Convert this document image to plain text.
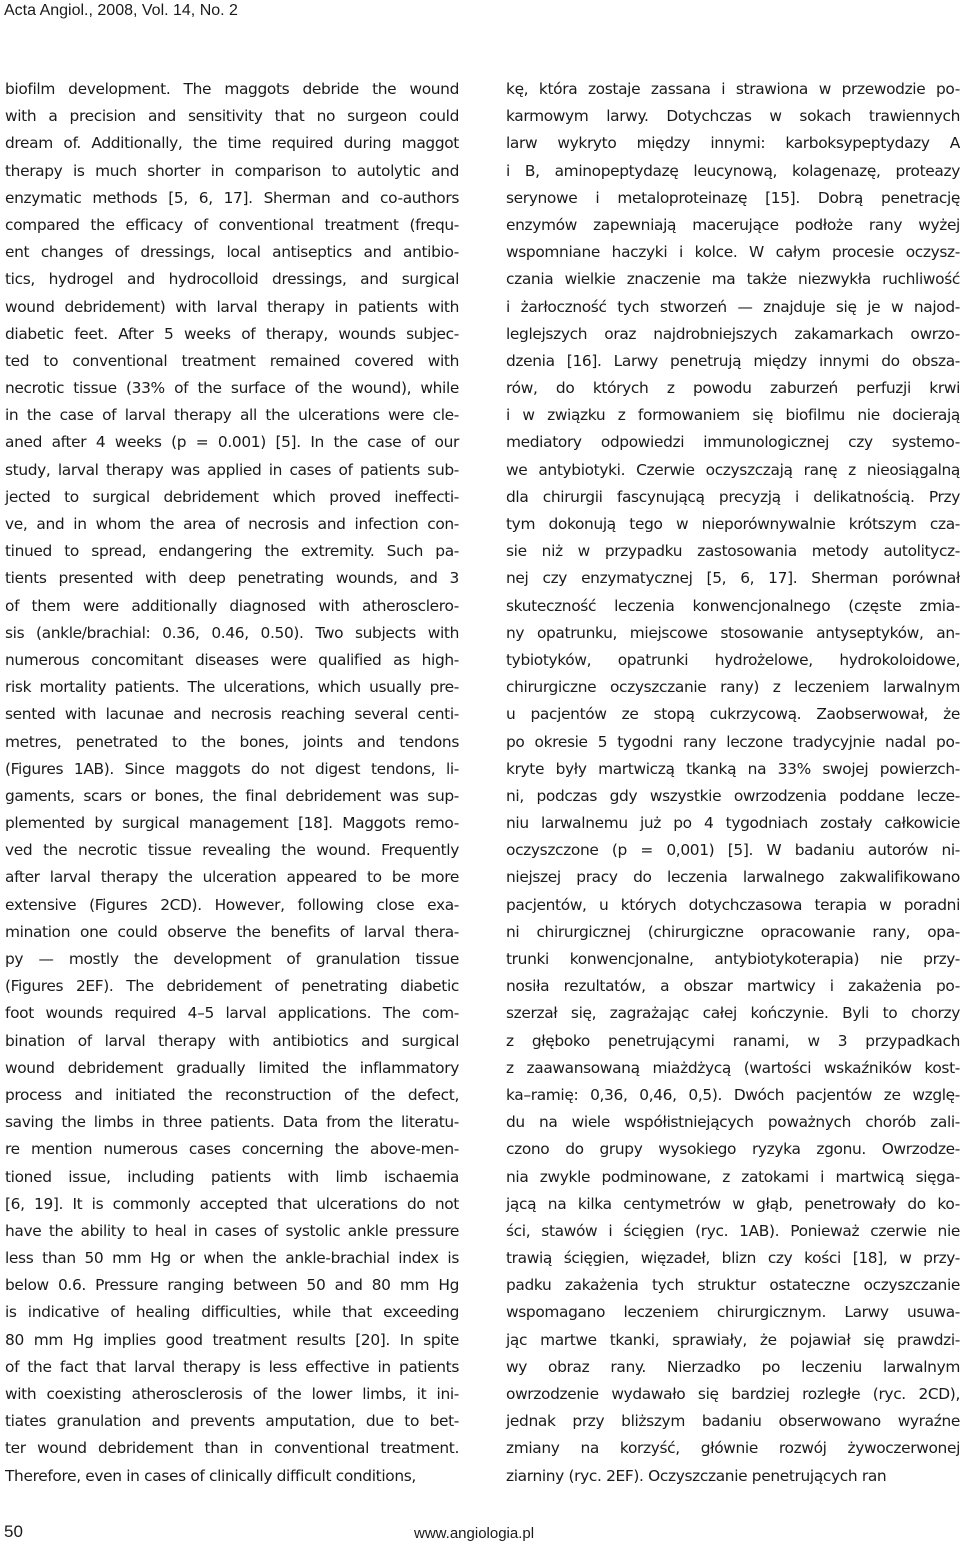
Acta Angiol., 2008, Vol. 14, No. 2
biofilm development. The maggots debride the wound
with a precision and sensitivity that no surgeon could
dream of. Additionally, the time required during maggot
therapy is much shorter in comparison to autolytic and
enzymatic methods [5, 6, 17]. Sherman and co-authors
compared the efficacy of conventional treatment (frequ-
ent changes of dressings, local antiseptics and antibio-
tics, hydrogel and hydrocolloid dressings, and surgical
wound debridement) with larval therapy in patients with
diabetic feet. After 5 weeks of therapy, wounds subjec-
ted to conventional treatment remained covered with
necrotic tissue (33% of the surface of the wound), while
in the case of larval therapy all the ulcerations were cle-
aned after 4 weeks (p = 0.001) [5]. In the case of our
study, larval therapy was applied in cases of patients sub-
jected to surgical debridement which proved ineffecti-
ve, and in whom the area of necrosis and infection con-
tinued to spread, endangering the extremity. Such pa-
tients presented with deep penetrating wounds, and 3
of them were additionally diagnosed with atherosclero-
sis (ankle/brachial: 0.36, 0.46, 0.50). Two subjects with
numerous concomitant diseases were qualified as high-
risk mortality patients. The ulcerations, which usually pre-
sented with lacunae and necrosis reaching several centi-
metres, penetrated to the bones, joints and tendons
(Figures 1AB). Since maggots do not digest tendons, li-
gaments, scars or bones, the final debridement was sup-
plemented by surgical management [18]. Maggots remo-
ved the necrotic tissue revealing the wound. Frequently
after larval therapy the ulceration appeared to be more
extensive (Figures 2CD). However, following close exa-
mination one could observe the benefits of larval thera-
py — mostly the development of granulation tissue
(Figures 2EF). The debridement of penetrating diabetic
foot wounds required 4–5 larval applications. The com-
bination of larval therapy with antibiotics and surgical
wound debridement gradually limited the inflammatory
process and initiated the reconstruction of the defect,
saving the limbs in three patients. Data from the literatu-
re mention numerous cases concerning the above-men-
tioned issue, including patients with limb ischaemia
[6, 19]. It is commonly accepted that ulcerations do not
have the ability to heal in cases of systolic ankle pressure
less than 50 mm Hg or when the ankle-brachial index is
below 0.6. Pressure ranging between 50 and 80 mm Hg
is indicative of healing difficulties, while that exceeding
80 mm Hg implies good treatment results [20]. In spite
of the fact that larval therapy is less effective in patients
with coexisting atherosclerosis of the lower limbs, it ini-
tiates granulation and prevents amputation, due to bet-
ter wound debridement than in conventional treatment.
Therefore, even in cases of clinically difficult conditions,
kę, która zostaje zassana i strawiona w przewodzie po-
karmowym larwy. Dotychczas w sokach trawiennych
larw wykryto między innymi: karboksypeptydazy A
i B, aminopeptydazę leucynową, kolagenazę, proteazy
serynowe i metaloproteinazę [15]. Dobrą penetrację
enzymów zapewniają macerujące podłoże rany wyżej
wspomniane haczyki i kolce. W całym procesie oczysz-
czania wielkie znaczenie ma także niezwykła ruchliwość
i żarłoczność tych stworzeń — znajduje się je w najod-
leglejszych oraz najdrobniejszych zakamarkach owrzo-
dzenia [16]. Larwy penetrują między innymi do obsza-
rów, do których z powodu zaburzeń perfuzji krwi
i w związku z formowaniem się biofilmu nie docierają
mediatory odpowiedzi immunologicznej czy systemo-
we antybiotyki. Czerwie oczyszczają ranę z nieosiągalną
dla chirurgii fascynującą precyzją i delikatnością. Przy
tym dokonują tego w nieporównywalnie krótszym cza-
sie niż w przypadku zastosowania metody autolitycz-
nej czy enzymatycznej [5, 6, 17]. Sherman porównał
skuteczność leczenia konwencjonalnego (częste zmia-
ny opatrunku, miejscowe stosowanie antyseptyków, an-
tybiotyków, opatrunki hydrożelowe, hydrokoloidowe,
chirurgiczne oczyszczanie rany) z leczeniem larwalnym
u pacjentów ze stopą cukrzycową. Zaobserwował, że
po okresie 5 tygodni rany leczone tradycyjnie nadal po-
kryte były martwiczą tkanką na 33% swojej powierzch-
ni, podczas gdy wszystkie owrzodzenia poddane lecze-
niu larwalnemu już po 4 tygodniach zostały całkowicie
oczyszczone (p = 0,001) [5]. W badaniu autorów ni-
niejszej pracy do leczenia larwalnego zakwalifikowano
pacjentów, u których dotychczasowa terapia w poradni
ni chirurgicznej (chirurgiczne opracowanie rany, opa-
trunki konwencjonalne, antybiotykoterapia) nie przy-
nosiła rezultatów, a obszar martwicy i zakażenia po-
szerzał się, zagrażając całej kończynie. Byli to chorzy
z głęboko penetrującymi ranami, w 3 przypadkach
z zaawansowaną miażdżycą (wartości wskaźników kost-
ka–ramię: 0,36, 0,46, 0,5). Dwóch pacjentów ze wzglę-
du na wiele współistniejących poważnych chorób zali-
czono do grupy wysokiego ryzyka zgonu. Owrzodze-
nia zwykle podminowane, z zatokami i martwicą sięga-
jącą na kilka centymetrów w głąb, penetrowały do ko-
ści, stawów i ścięgien (ryc. 1AB). Ponieważ czerwie nie
trawią ścięgien, więzadeł, blizn czy kości [18], w przy-
padku zakażenia tych struktur ostateczne oczyszczanie
wspomagano leczeniem chirurgicznym. Larwy usuwa-
jąc martwe tkanki, sprawiały, że pojawiał się prawdzi-
wy obraz rany. Nierzadko po leczeniu larwalnym
owrzodzenie wydawało się bardziej rozległe (ryc. 2CD),
jednak przy bliższym badaniu obserwowano wyraźne
zmiany na korzyść, głównie rozwój żywoczerwonej
ziarniny (ryc. 2EF). Oczyszczanie penetrujących ran
50	www.angiologia.pl
